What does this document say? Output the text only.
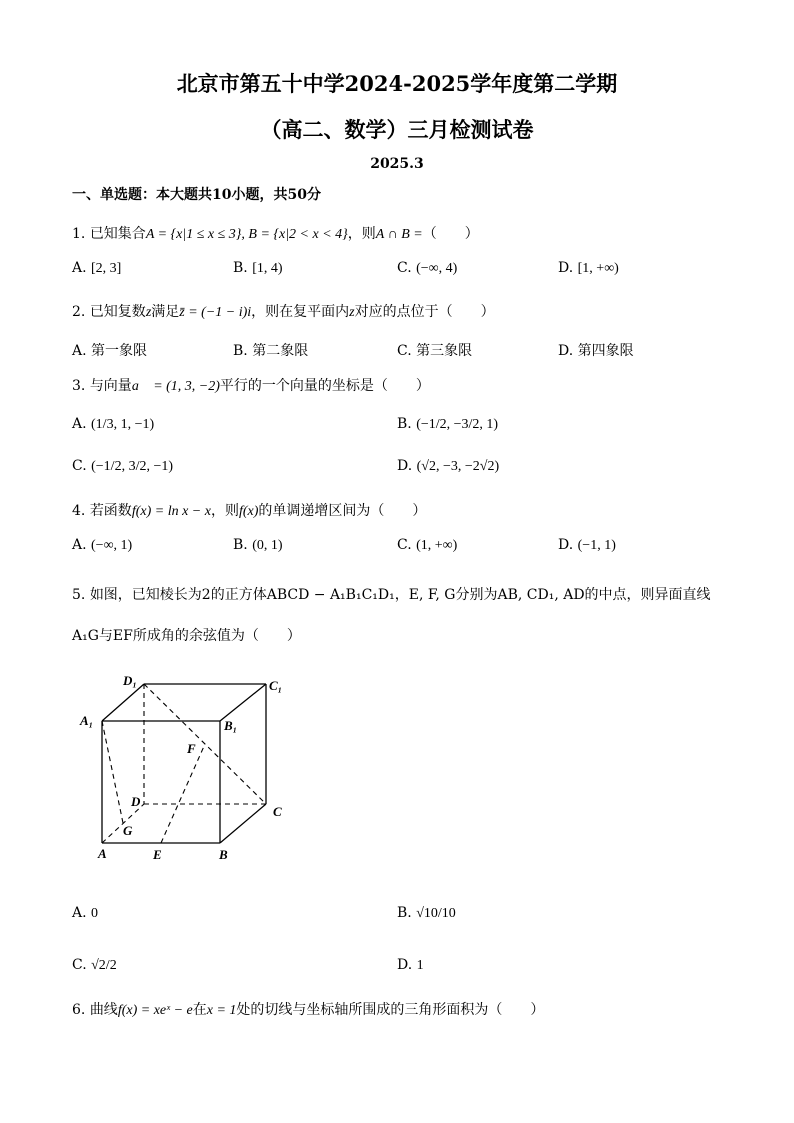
北京市第五十中学2024-2025学年度第二学期
（高二、数学）三月检测试卷
2025.3
一、单选题：本大题共10小题，共50分
1. 已知集合A = {x|1 ≤ x ≤ 3}, B = {x|2 < x < 4}，则A ∩ B =（　　）
A. [2, 3]	B. [1, 4)	C. (−∞, 4)	D. [1, +∞)
2. 已知复数z满足z̄ = (−1 − i)i，则在复平面内z对应的点位于（　　）
A. 第一象限	B. 第二象限	C. 第三象限	D. 第四象限
3. 与向量a⃗ = (1, 3, −2)平行的一个向量的坐标是（　　）
A. (1/3, 1, −1)	B. (−1/2, −3/2, 1)
C. (−1/2, 3/2, −1)	D. (√2, −3, −2√2)
4. 若函数f(x) = ln x − x，则f(x)的单调递增区间为（　　）
A. (−∞, 1)	B. (0, 1)	C. (1, +∞)	D. (−1, 1)
5. 如图，已知棱长为2的正方体ABCD − A₁B₁C₁D₁，E, F, G分别为AB, CD₁, AD的中点，则异面直线
A₁G与EF所成角的余弦值为（　　）
D₁	C₁
A₁	B₁
F
D
C
G
A	E	B
A. 0	B. √10/10
C. √2/2	D. 1
6. 曲线f(x) = xeˣ − e在x = 1处的切线与坐标轴所围成的三角形面积为（　　）
